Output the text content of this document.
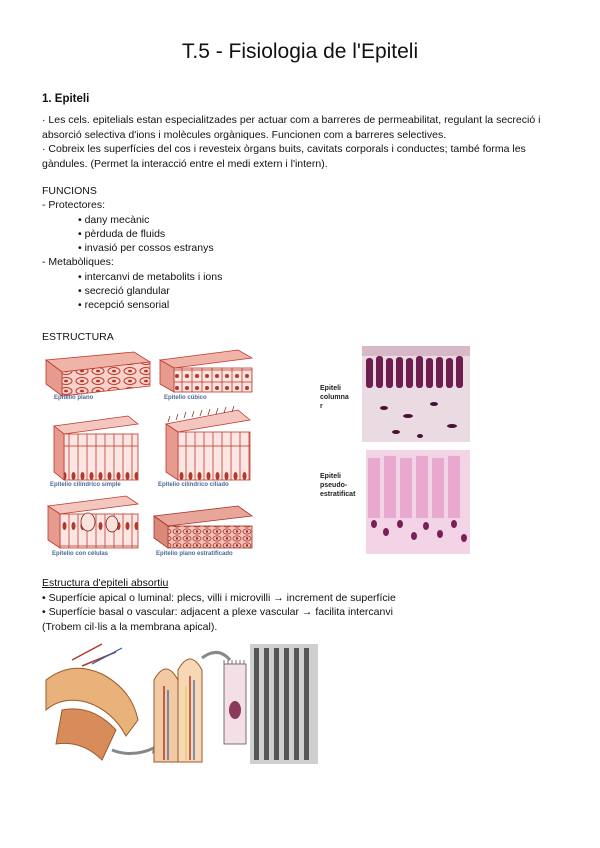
T.5 - Fisiologia de l'Epiteli
1. Epiteli
· Les cels. epitelials estan especialitzades per actuar com a barreres de permeabilitat, regulant la secreció i absorció selectiva d'ions i molècules orgàniques. Funcionen com a barreres selectives.
· Cobreix les superfícies del cos i revesteix òrgans buits, cavitats corporals i conductes; també forma les gàndules. (Permet la interacció entre el medi extern i l'intern).
FUNCIONS
- Protectores:
• dany mecànic
• pèrduda de fluids
• invasió per cossos estranys
- Metabòliques:
• intercanvi de metabolits i ions
• secreció glandular
• recepció sensorial
ESTRUCTURA
Epitelio plano	Epitelio cúbico
Epitelio cilíndrico simple	Epitelio cilíndrico ciliado
Epitelio con células	Epitelio plano estratificado
Epiteli
columna
r
Epiteli
pseudo-
estratificat
Estructura d'epiteli absortiu
• Superfície apical o luminal: plecs, villi i microvilli → increment de superfície
• Superfície basal o vascular: adjacent a plexe vascular → facilita intercanvi
(Trobem cil·lis a la membrana apical).
